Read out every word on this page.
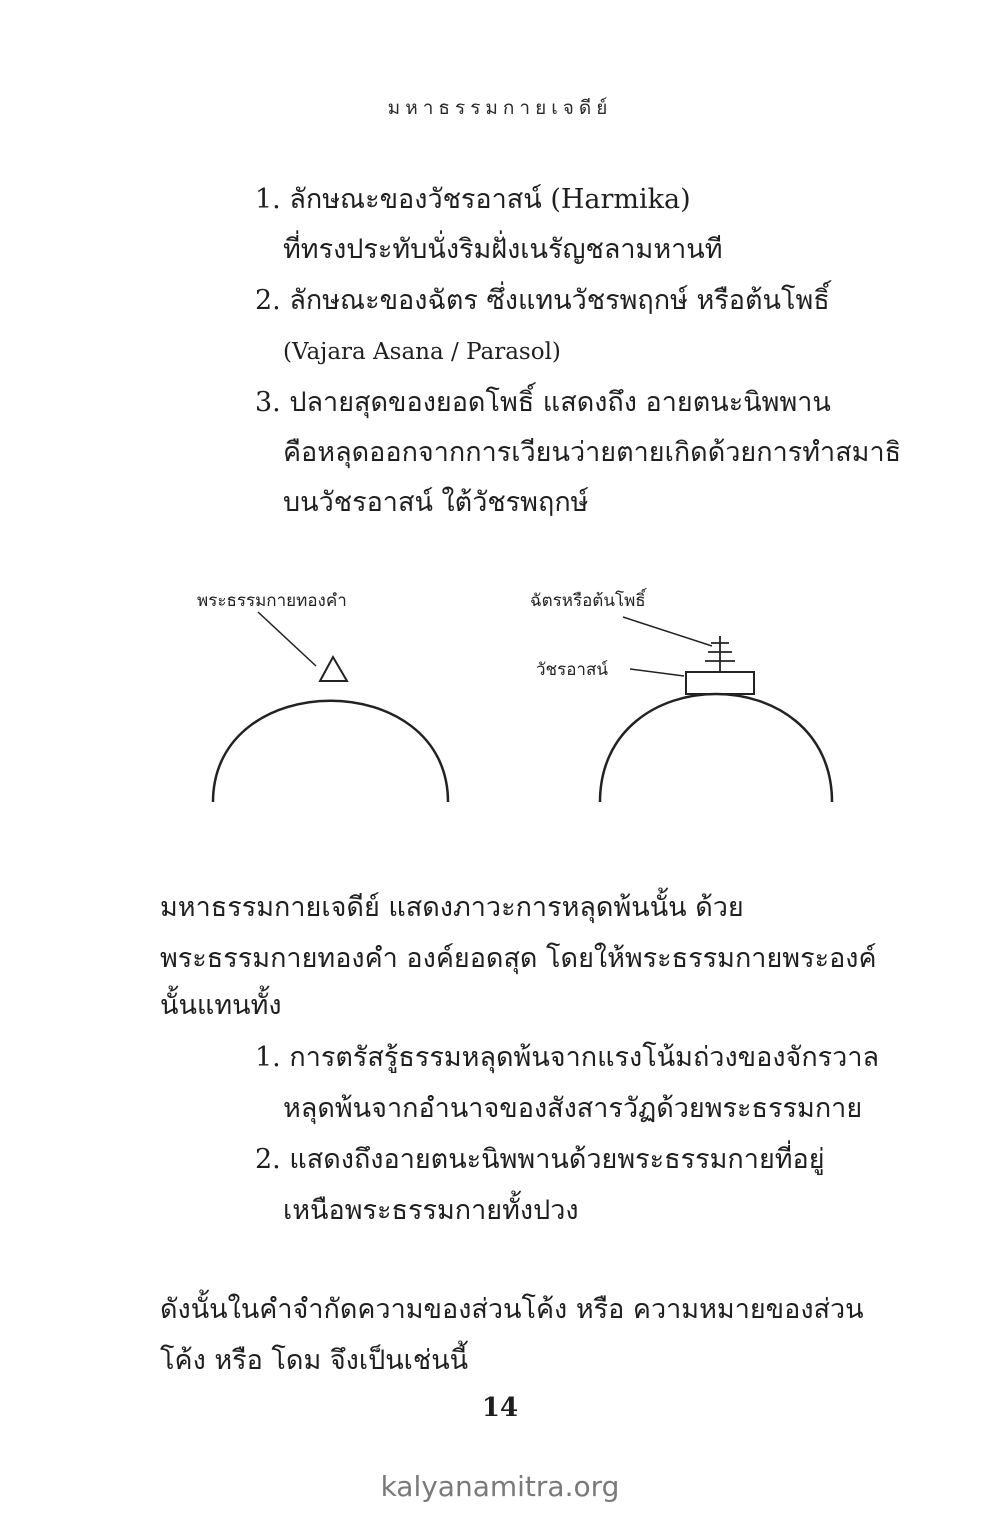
มหาธรรมกายเจดีย์
1. ลักษณะของวัชรอาสน์ (Harmika)
ที่ทรงประทับนั่งริมฝั่งเนรัญชลามหานที
2. ลักษณะของฉัตร ซึ่งแทนวัชรพฤกษ์ หรือต้นโพธิ์
(Vajara Asana / Parasol)
3. ปลายสุดของยอดโพธิ์ แสดงถึง อายตนะนิพพาน
คือหลุดออกจากการเวียนว่ายตายเกิดด้วยการทำสมาธิ
บนวัชรอาสน์ ใต้วัชรพฤกษ์
พระธรรมกายทองคำ	ฉัตรหรือต้นโพธิ์
วัชรอาสน์
มหาธรรมกายเจดีย์ แสดงภาวะการหลุดพ้นนั้น ด้วย
พระธรรมกายทองคำ องค์ยอดสุด โดยให้พระธรรมกายพระองค์
นั้นแทนทั้ง
1. การตรัสรู้ธรรมหลุดพ้นจากแรงโน้มถ่วงของจักรวาล
หลุดพ้นจากอำนาจของสังสารวัฏด้วยพระธรรมกาย
2. แสดงถึงอายตนะนิพพานด้วยพระธรรมกายที่อยู่
เหนือพระธรรมกายทั้งปวง
ดังนั้นในคำจำกัดความของส่วนโค้ง หรือ ความหมายของส่วน
โค้ง หรือ โดม จึงเป็นเช่นนี้
14
kalyanamitra.org
